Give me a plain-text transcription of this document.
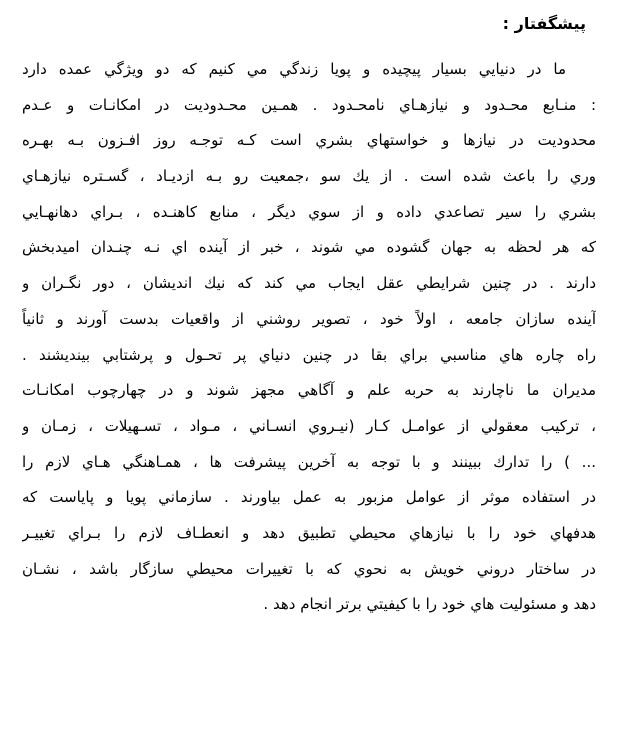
پيشگفتار :
ما در دنيايي بسيار پيچيده و پويا زندگي مي كنيم كه دو ويژگي عمده دارد
: منـابع محـدود و نيازهـاي نامحـدود . همـين محـدوديت در امكانـات و عـدم
محدوديت در نيازها و خواستهاي بشري است كـه توجـه روز افـزون بـه بهـره
وري را باعث شده است . از يك سو ،جمعيت رو بـه ازديـاد ، گسـتره نيازهـاي
بشري را سير تصاعدي داده و از سوي ديگر ، منابع كاهنـده ، بـراي دهانهـايي
كه هر لحظه به جهان گشوده مي شوند ، خبر از آينده اي نـه چنـدان اميدبخش
دارند . در چنين شرايطي عقل ايجاب مي كند كه نيك انديشان ، دور نگـران و
آينده سازان جامعه ، اولاً خود ، تصوير روشني از واقعيات بدست آورند و ثانياً
راه چاره هاي مناسبي براي بقا در چنين دنياي پر تحـول و پرشتابي بينديشند .
مديران ما ناچارند به حربه علم و آگاهي مجهز شوند و در چهارچوب امكانـات
، تركيب معقولي از عوامـل كـار (نيـروي انسـاني ، مـواد ، تسـهيلات ، زمـان و
... ) را تدارك ببينند و با توجه به آخرين پيشرفت ها ، همـاهنگي هـاي لازم را
در استفاده موثر از عوامل مزبور به عمل بياورند . سازماني پويا و پاياست كه
هدفهاي خود را با نيازهاي محيطي تطبيق دهد و انعطـاف لازم را بـراي تغييـر
در ساختار دروني خويش به نحوي كه با تغييرات محيطي سازگار باشد ، نشـان
دهد و مسئوليت هاي خود را با كيفيتي برتر انجام دهد .
